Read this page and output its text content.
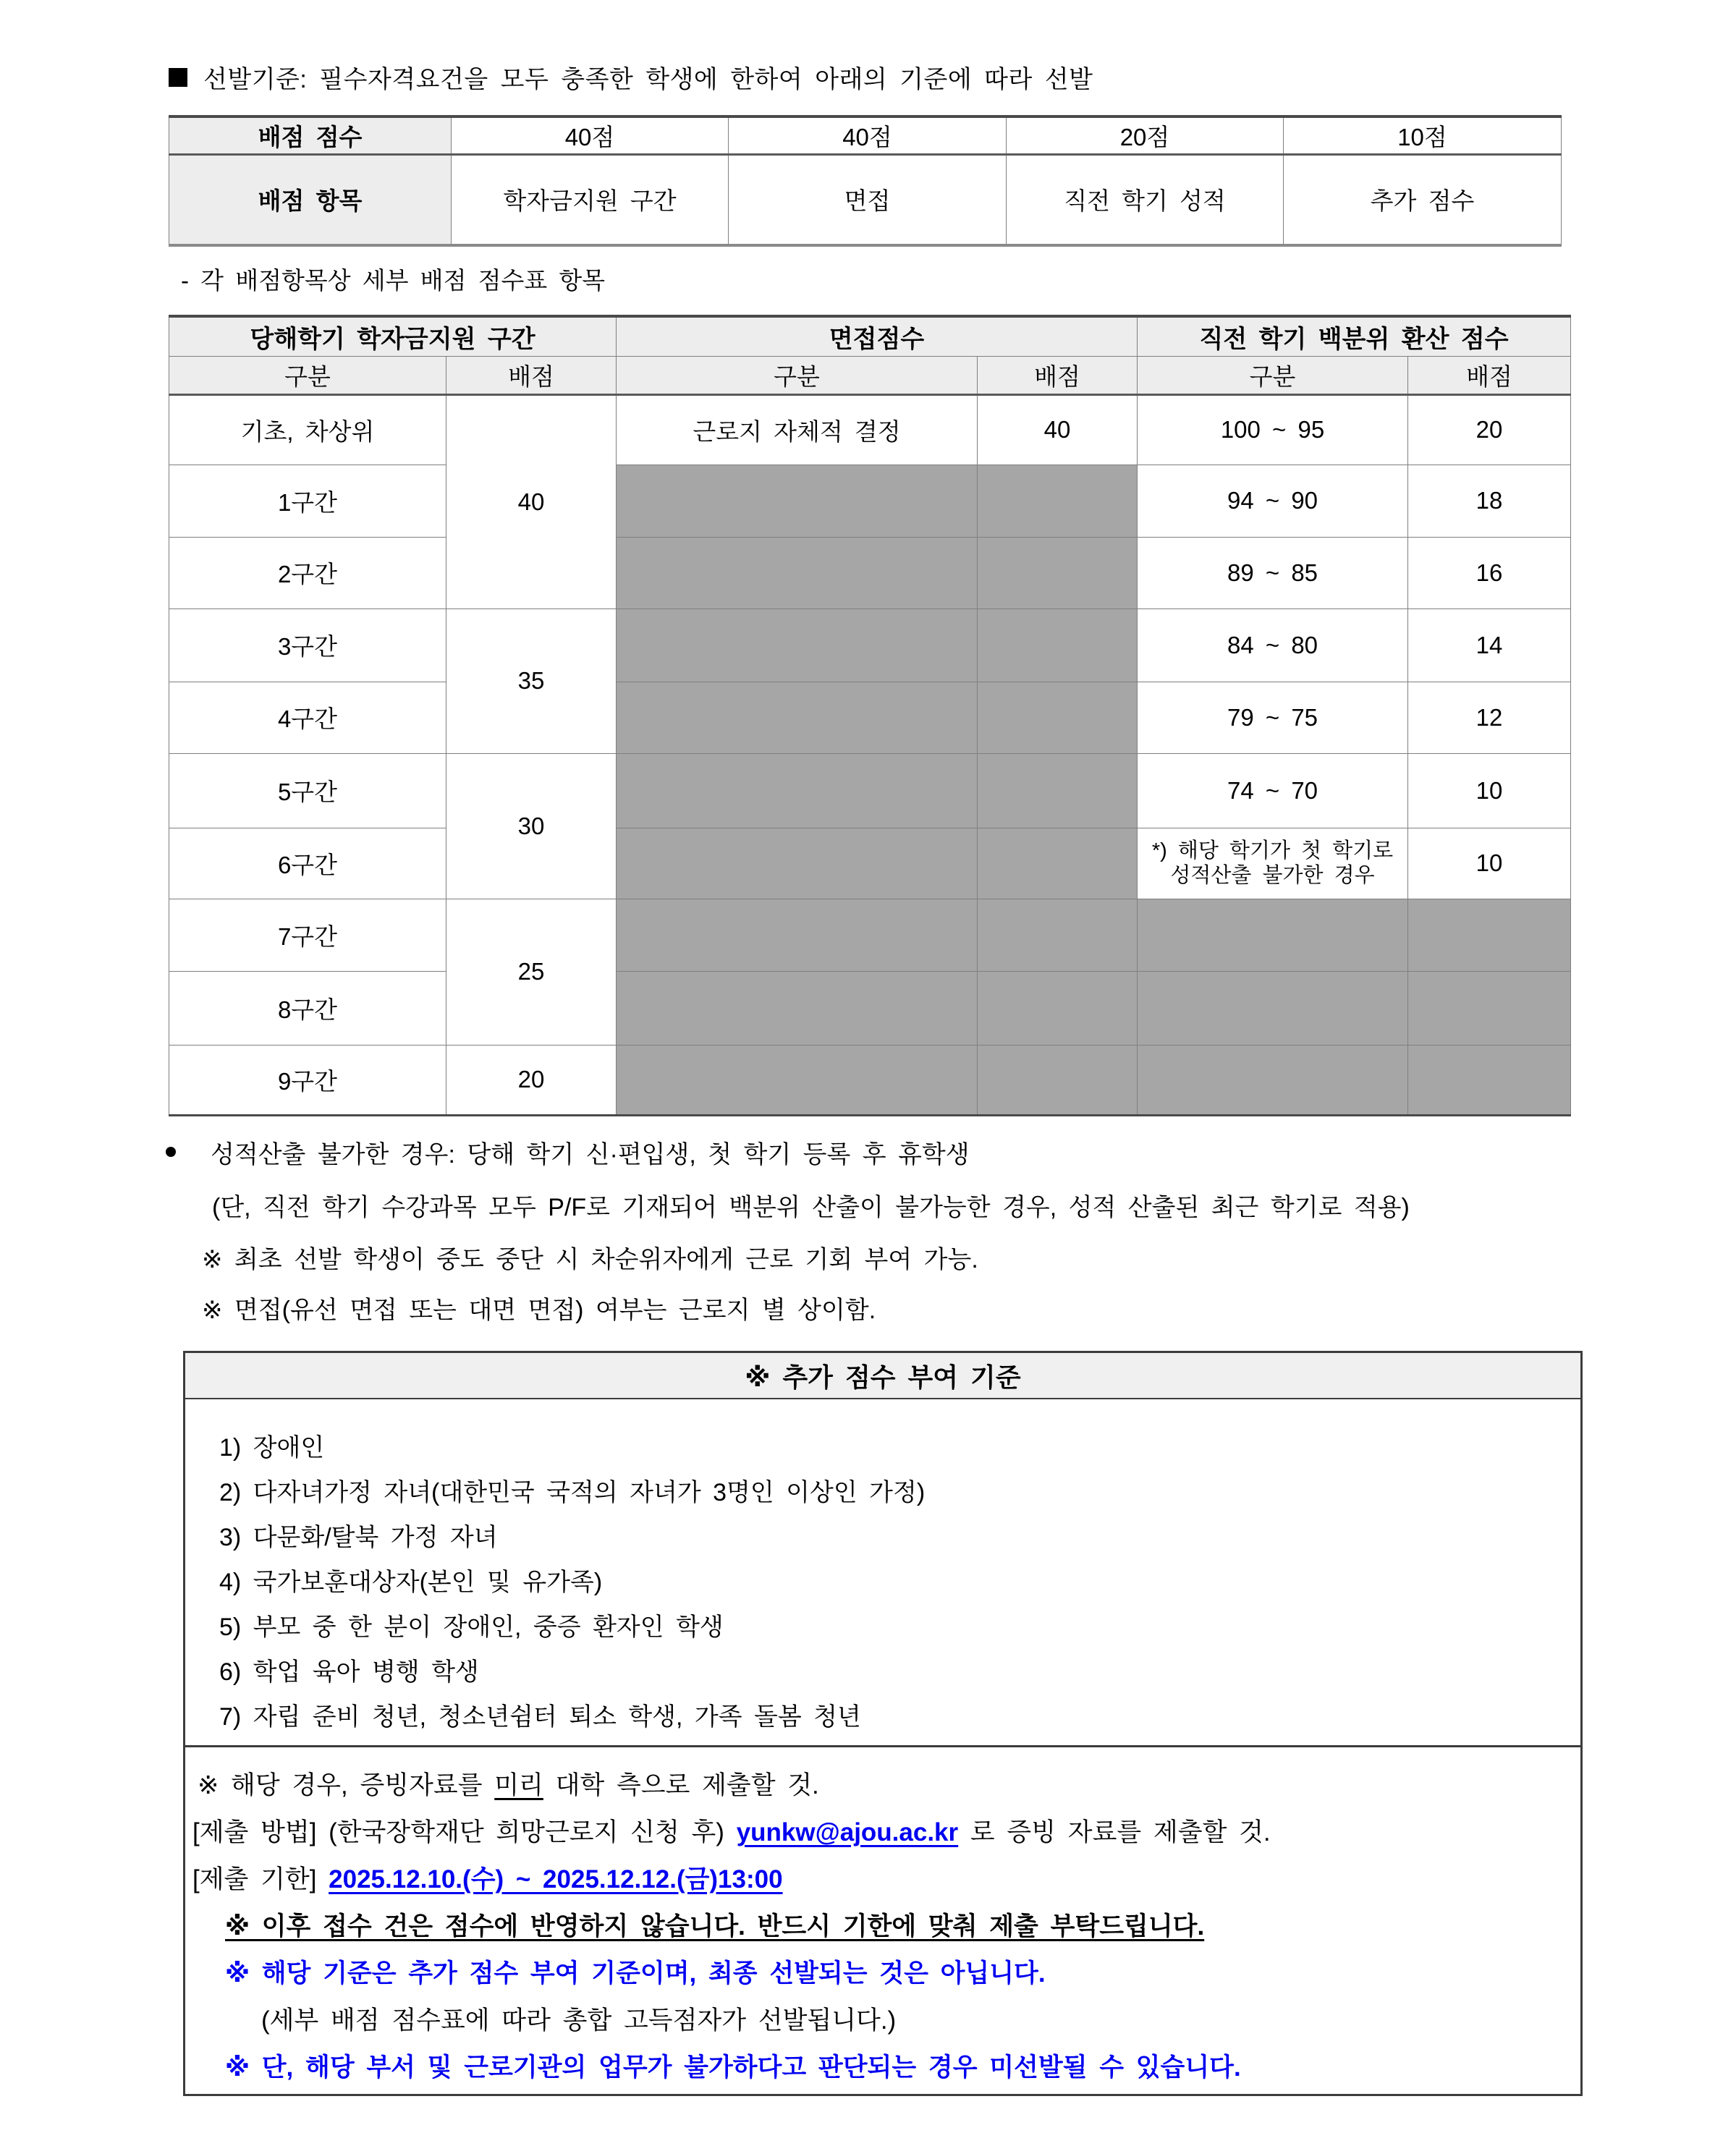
선발기준: 필수자격요건을 모두 충족한 학생에 한하여 아래의 기준에 따라 선발
배점 점수	40점	40점	20점	10점
배점 항목	학자금지원 구간	면접	직전 학기 성적	추가 점수
- 각 배점항목상 세부 배점 점수표 항목
당해학기 학자금지원 구간		면접점수		직전 학기 백분위 환산 점수	
구분	배점	구분	배점	구분	배점
기초, 차상위	40	근로지 자체적 결정	40	100 ~ 95	20
1구간				94 ~ 90	18
2구간				89 ~ 85	16
3구간	35			84 ~ 80	14
4구간				79 ~ 75	12
5구간	30			74 ~ 70	10
6구간				*) 해당 학기가 첫 학기로 성적산출 불가한 경우	10
7구간	25				
8구간					
9구간	20				
성적산출 불가한 경우: 당해 학기 신·편입생, 첫 학기 등록 후 휴학생
(단, 직전 학기 수강과목 모두 P/F로 기재되어 백분위 산출이 불가능한 경우, 성적 산출된 최근 학기로 적용)
※ 최초 선발 학생이 중도 중단 시 차순위자에게 근로 기회 부여 가능.
※ 면접(유선 면접 또는 대면 면접) 여부는 근로지 별 상이함.
※ 추가 점수 부여 기준
1) 장애인
2) 다자녀가정 자녀(대한민국 국적의 자녀가 3명인 이상인 가정)
3) 다문화/탈북 가정 자녀
4) 국가보훈대상자(본인 및 유가족)
5) 부모 중 한 분이 장애인, 중증 환자인 학생
6) 학업 육아 병행 학생
7) 자립 준비 청년, 청소년쉼터 퇴소 학생, 가족 돌봄 청년
※ 해당 경우, 증빙자료를 미리 대학 측으로 제출할 것.
[제출 방법] (한국장학재단 희망근로지 신청 후) yunkw@ajou.ac.kr 로 증빙 자료를 제출할 것.
[제출 기한] 2025.12.10.(수) ~ 2025.12.12.(금)13:00
※ 이후 접수 건은 점수에 반영하지 않습니다. 반드시 기한에 맞춰 제출 부탁드립니다.
※ 해당 기준은 추가 점수 부여 기준이며, 최종 선발되는 것은 아닙니다.
(세부 배점 점수표에 따라 총합 고득점자가 선발됩니다.)
※ 단, 해당 부서 및 근로기관의 업무가 불가하다고 판단되는 경우 미선발될 수 있습니다.
